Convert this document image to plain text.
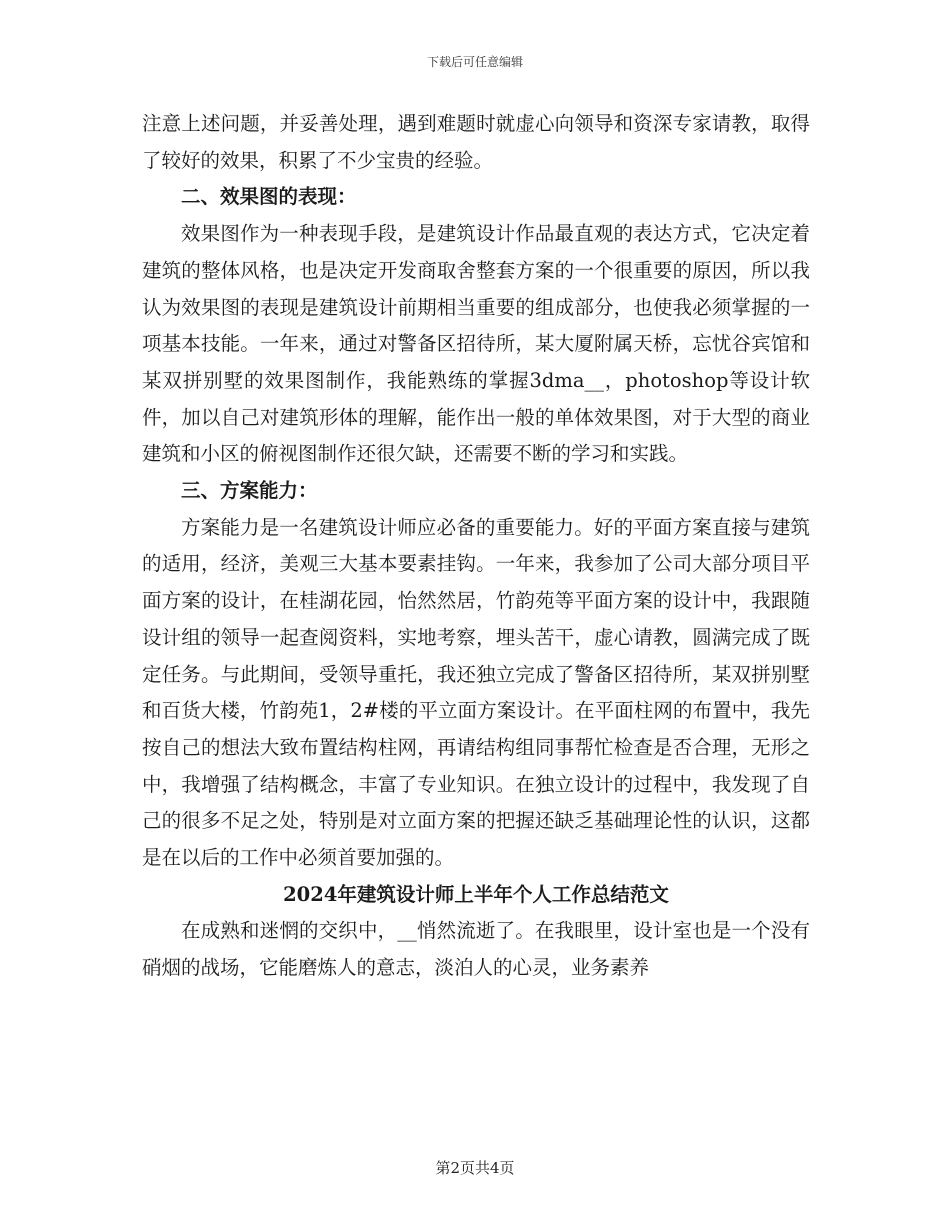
下载后可任意编辑

注意上述问题，并妥善处理，遇到难题时就虚心向领导和资深专家请教，取得了较好的效果，积累了不少宝贵的经验。

二、效果图的表现：

效果图作为一种表现手段，是建筑设计作品最直观的表达方式，它决定着建筑的整体风格，也是决定开发商取舍整套方案的一个很重要的原因，所以我认为效果图的表现是建筑设计前期相当重要的组成部分，也使我必须掌握的一项基本技能。一年来，通过对警备区招待所，某大厦附属天桥，忘忧谷宾馆和某双拼别墅的效果图制作，我能熟练的掌握3dma__，photoshop等设计软件，加以自己对建筑形体的理解，能作出一般的单体效果图，对于大型的商业建筑和小区的俯视图制作还很欠缺，还需要不断的学习和实践。

三、方案能力：

方案能力是一名建筑设计师应必备的重要能力。好的平面方案直接与建筑的适用，经济，美观三大基本要素挂钩。一年来，我参加了公司大部分项目平面方案的设计，在桂湖花园，怡然然居，竹韵苑等平面方案的设计中，我跟随设计组的领导一起查阅资料，实地考察，埋头苦干，虚心请教，圆满完成了既定任务。与此期间，受领导重托，我还独立完成了警备区招待所，某双拼别墅和百货大楼，竹韵苑1，2#楼的平立面方案设计。在平面柱网的布置中，我先按自己的想法大致布置结构柱网，再请结构组同事帮忙检查是否合理，无形之中，我增强了结构概念，丰富了专业知识。在独立设计的过程中，我发现了自己的很多不足之处，特别是对立面方案的把握还缺乏基础理论性的认识，这都是在以后的工作中必须首要加强的。

2024年建筑设计师上半年个人工作总结范文

在成熟和迷惘的交织中，__悄然流逝了。在我眼里，设计室也是一个没有硝烟的战场，它能磨炼人的意志，淡泊人的心灵，业务素养

第2页共4页
